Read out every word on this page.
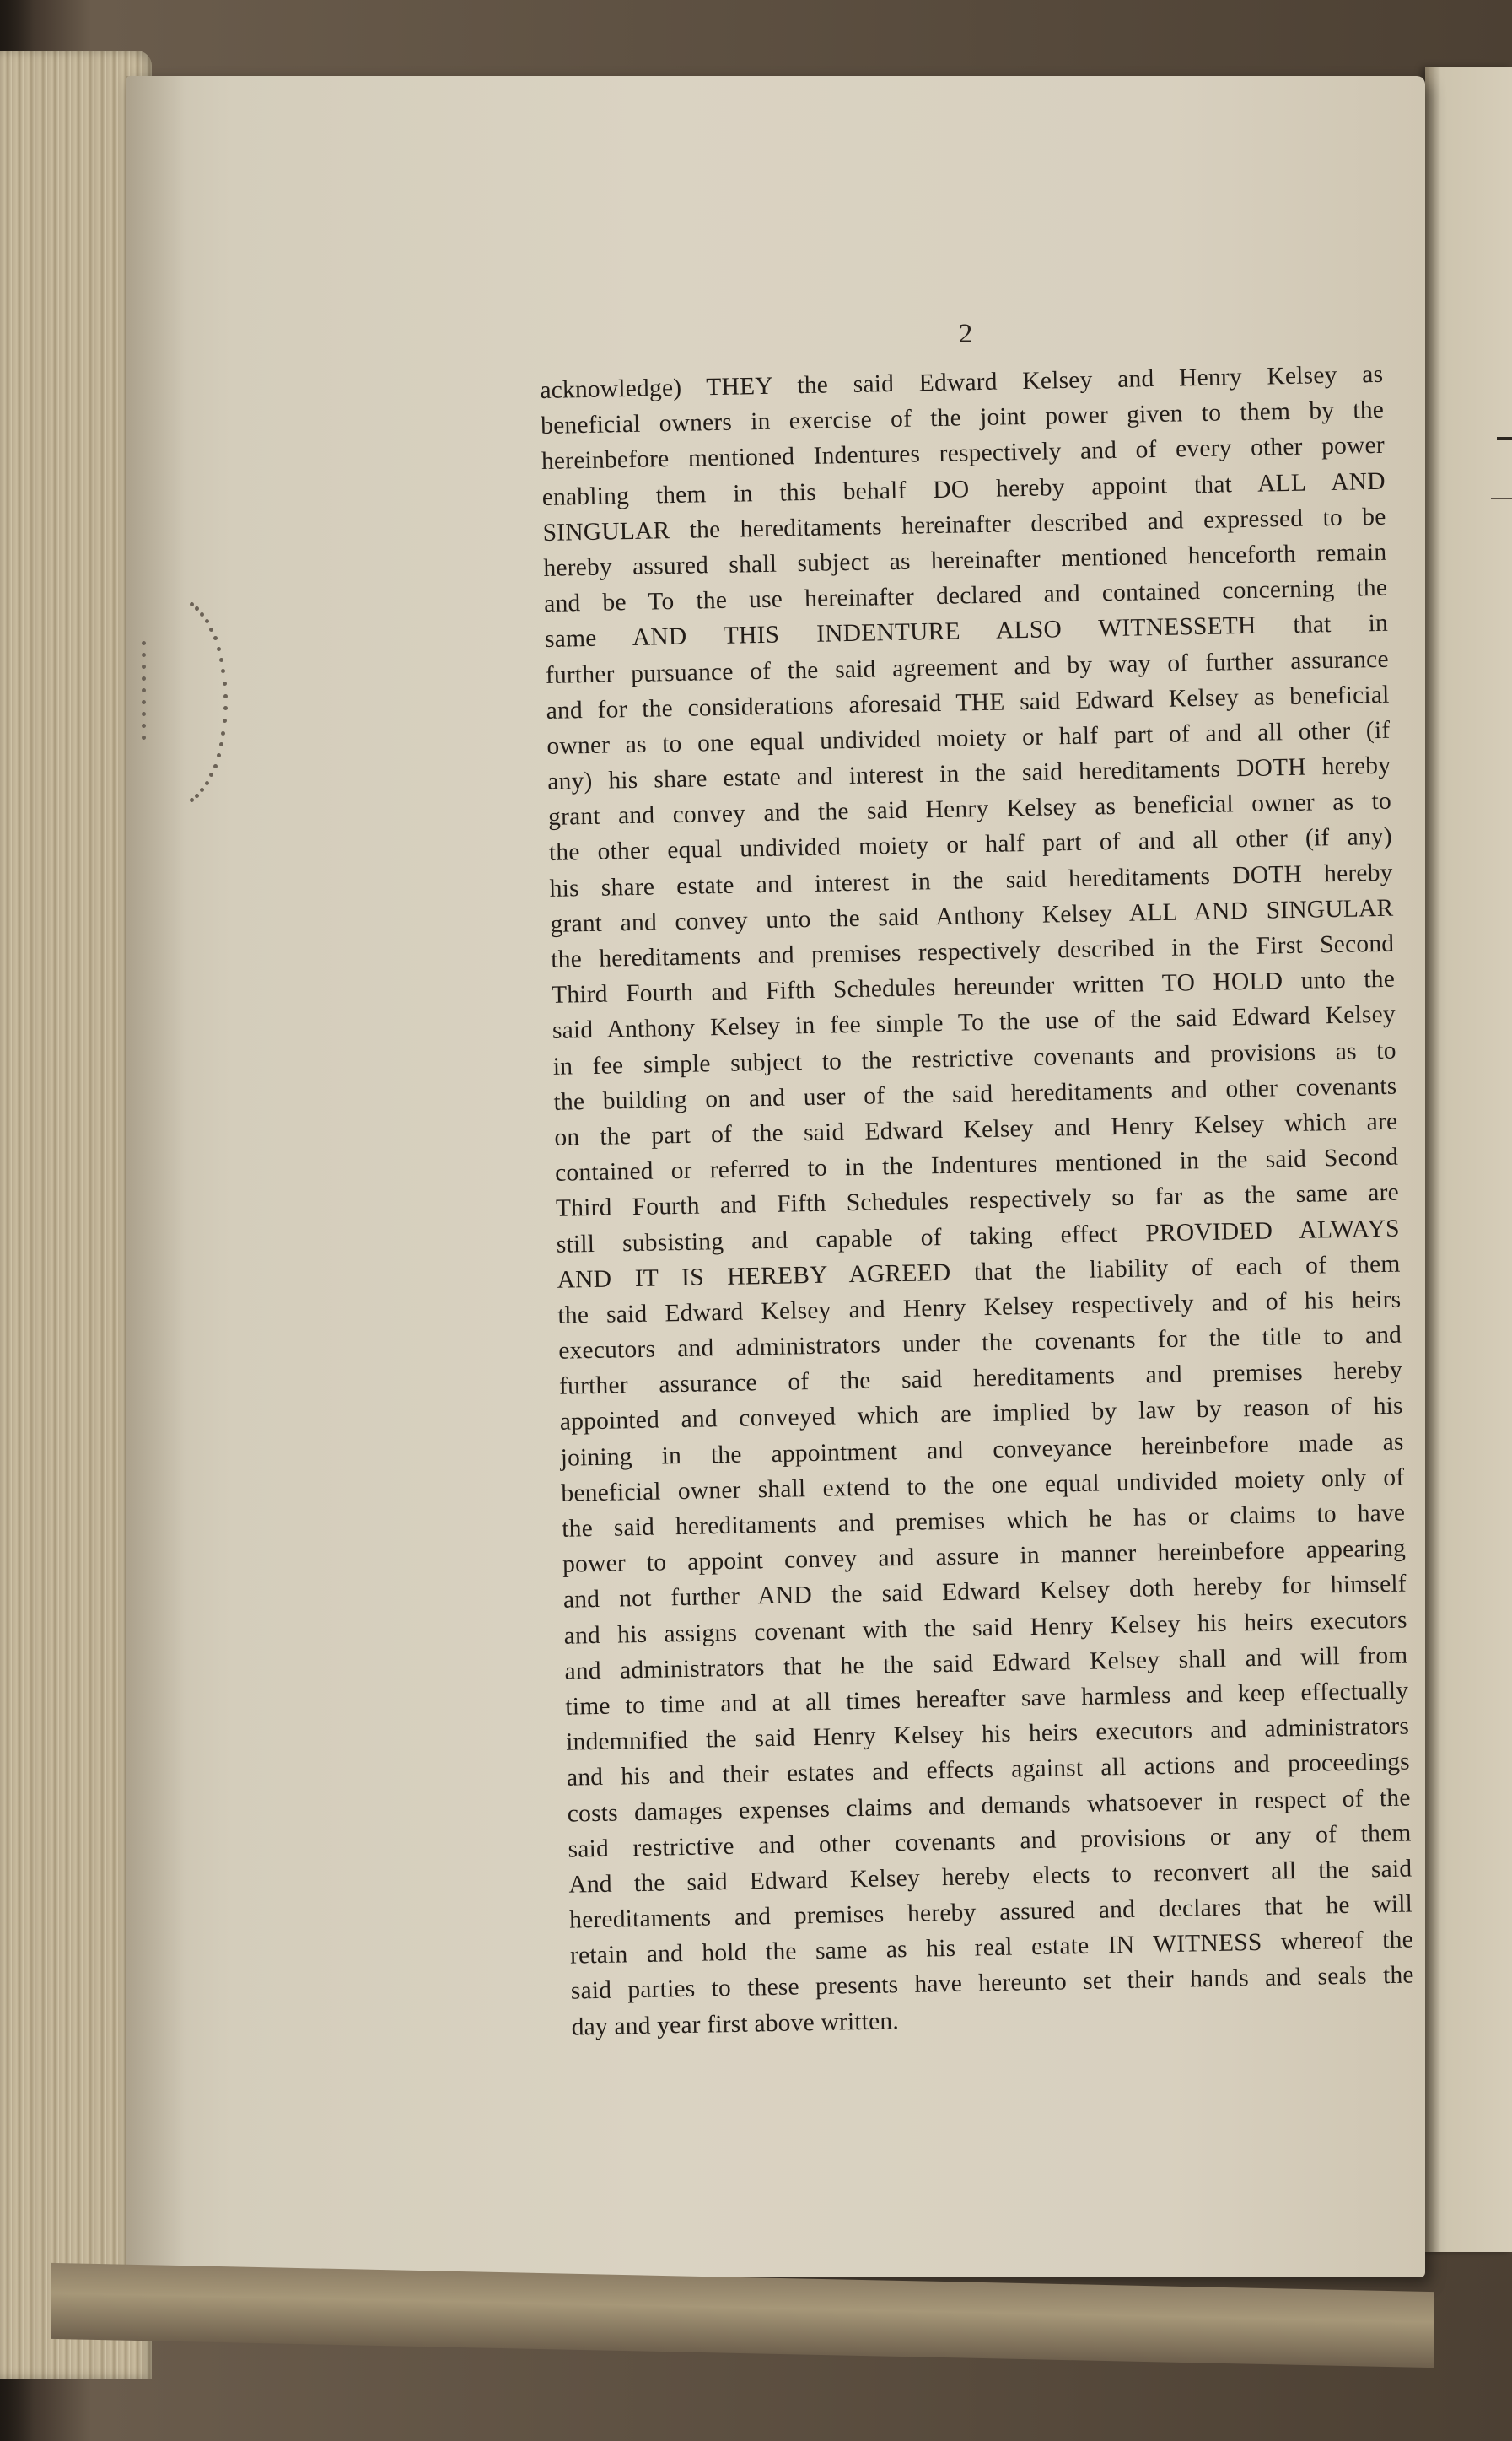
2
acknowledge) THEY the said Edward Kelsey and Henry Kelsey as
beneficial owners in exercise of the joint power given to them by the
hereinbefore mentioned Indentures respectively and of every other power
enabling them in this behalf DO hereby appoint that ALL AND
SINGULAR the hereditaments hereinafter described and expressed to be
hereby assured shall subject as hereinafter mentioned henceforth remain
and be To the use hereinafter declared and contained concerning the
same AND THIS INDENTURE ALSO WITNESSETH that in
further pursuance of the said agreement and by way of further assurance
and for the considerations aforesaid THE said Edward Kelsey as beneficial
owner as to one equal undivided moiety or half part of and all other (if
any) his share estate and interest in the said hereditaments DOTH hereby
grant and convey and the said Henry Kelsey as beneficial owner as to
the other equal undivided moiety or half part of and all other (if any)
his share estate and interest in the said hereditaments DOTH hereby
grant and convey unto the said Anthony Kelsey ALL AND SINGULAR
the hereditaments and premises respectively described in the First Second
Third Fourth and Fifth Schedules hereunder written TO HOLD unto the
said Anthony Kelsey in fee simple To the use of the said Edward Kelsey
in fee simple subject to the restrictive covenants and provisions as to
the building on and user of the said hereditaments and other covenants
on the part of the said Edward Kelsey and Henry Kelsey which are
contained or referred to in the Indentures mentioned in the said Second
Third Fourth and Fifth Schedules respectively so far as the same are
still subsisting and capable of taking effect PROVIDED ALWAYS
AND IT IS HEREBY AGREED that the liability of each of them
the said Edward Kelsey and Henry Kelsey respectively and of his heirs
executors and administrators under the covenants for the title to and
further assurance of the said hereditaments and premises hereby
appointed and conveyed which are implied by law by reason of his
joining in the appointment and conveyance hereinbefore made as
beneficial owner shall extend to the one equal undivided moiety only of
the said hereditaments and premises which he has or claims to have
power to appoint convey and assure in manner hereinbefore appearing
and not further AND the said Edward Kelsey doth hereby for himself
and his assigns covenant with the said Henry Kelsey his heirs executors
and administrators that he the said Edward Kelsey shall and will from
time to time and at all times hereafter save harmless and keep effectually
indemnified the said Henry Kelsey his heirs executors and administrators
and his and their estates and effects against all actions and proceedings
costs damages expenses claims and demands whatsoever in respect of the
said restrictive and other covenants and provisions or any of them
And the said Edward Kelsey hereby elects to reconvert all the said
hereditaments and premises hereby assured and declares that he will
retain and hold the same as his real estate IN WITNESS whereof the
said parties to these presents have hereunto set their hands and seals the
day and year first above written.
